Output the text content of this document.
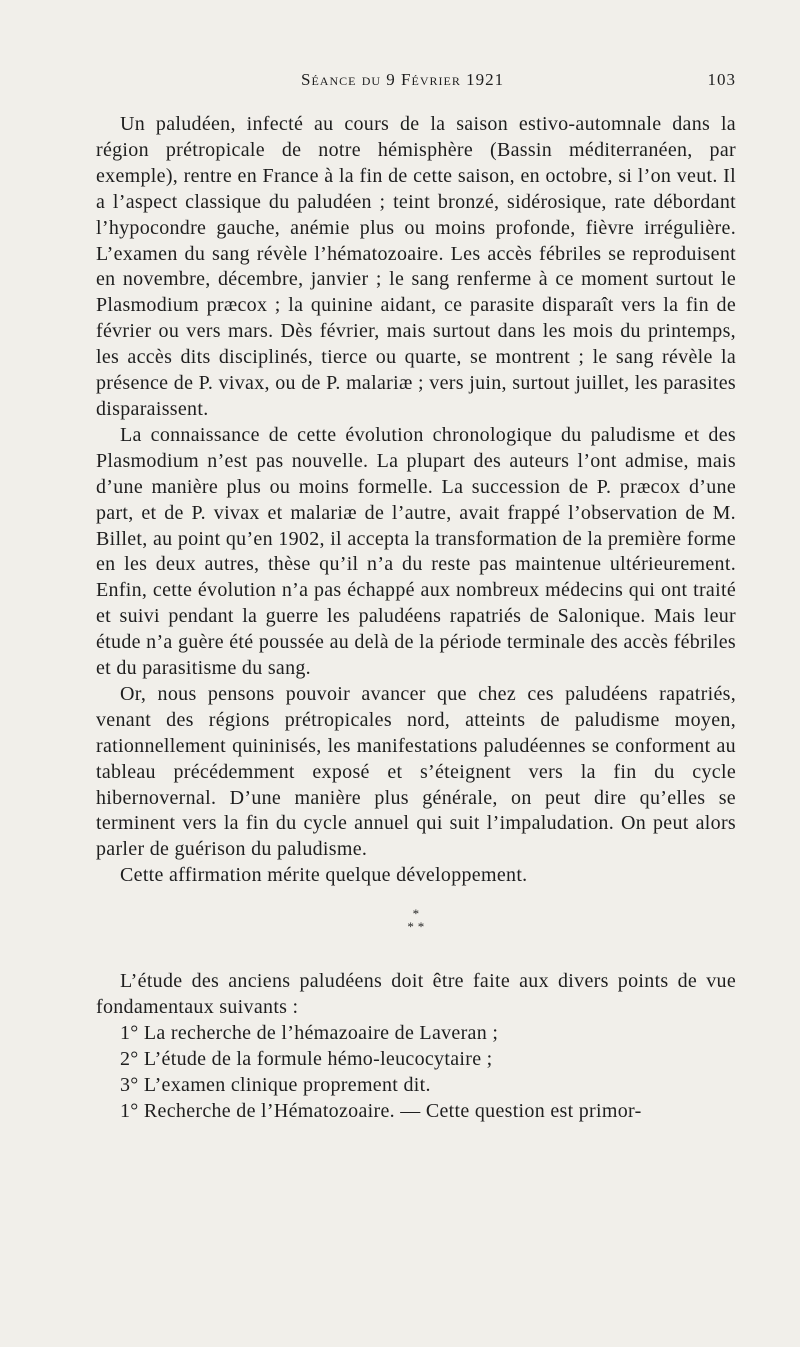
Séance du 9 Février 1921	103

Un paludéen, infecté au cours de la saison estivo-automnale dans la région prétropicale de notre hémisphère (Bassin méditerranéen, par exemple), rentre en France à la fin de cette saison, en octobre, si l’on veut. Il a l’aspect classique du paludéen ; teint bronzé, sidérosique, rate débordant l’hypocondre gauche, anémie plus ou moins profonde, fièvre irrégulière. L’examen du sang révèle l’hématozoaire. Les accès fébriles se reproduisent en novembre, décembre, janvier ; le sang renferme à ce moment surtout le Plasmodium præcox ; la quinine aidant, ce parasite disparaît vers la fin de février ou vers mars. Dès février, mais surtout dans les mois du printemps, les accès dits disciplinés, tierce ou quarte, se montrent ; le sang révèle la présence de P. vivax, ou de P. malariæ ; vers juin, surtout juillet, les parasites disparaissent.

La connaissance de cette évolution chronologique du paludisme et des Plasmodium n’est pas nouvelle. La plupart des auteurs l’ont admise, mais d’une manière plus ou moins formelle. La succession de P. præcox d’une part, et de P. vivax et malariæ de l’autre, avait frappé l’observation de M. Billet, au point qu’en 1902, il accepta la transformation de la première forme en les deux autres, thèse qu’il n’a du reste pas maintenue ultérieurement. Enfin, cette évolution n’a pas échappé aux nombreux médecins qui ont traité et suivi pendant la guerre les paludéens rapatriés de Salonique. Mais leur étude n’a guère été poussée au delà de la période terminale des accès fébriles et du parasitisme du sang.

Or, nous pensons pouvoir avancer que chez ces paludéens rapatriés, venant des régions prétropicales nord, atteints de paludisme moyen, rationnellement quininisés, les manifestations paludéennes se conforment au tableau précédemment exposé et s’éteignent vers la fin du cycle hibernovernal. D’une manière plus générale, on peut dire qu’elles se terminent vers la fin du cycle annuel qui suit l’impaludation. On peut alors parler de guérison du paludisme.

Cette affirmation mérite quelque développement.

*
* *

L’étude des anciens paludéens doit être faite aux divers points de vue fondamentaux suivants :

1° La recherche de l’hémazoaire de Laveran ;

2° L’étude de la formule hémo-leucocytaire ;

3° L’examen clinique proprement dit.

1° Recherche de l’Hématozoaire. — Cette question est primor-
